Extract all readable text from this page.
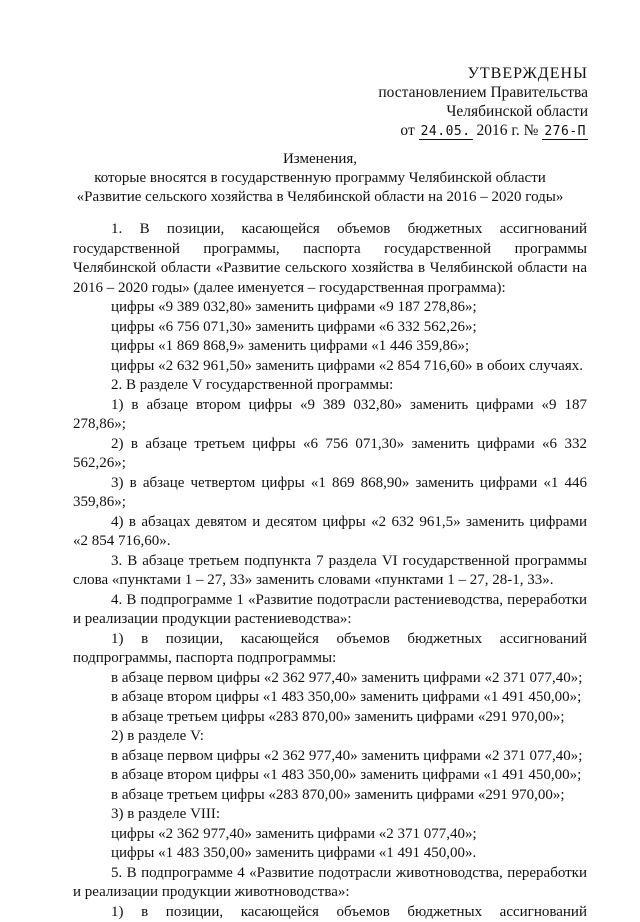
УТВЕРЖДЕНЫ
постановлением Правительства
Челябинской области
от 24.05. 2016 г. № 276-П
Изменения,
которые вносятся в государственную программу Челябинской области
«Развитие сельского хозяйства в Челябинской области на 2016 – 2020 годы»

1. В позиции, касающейся объемов бюджетных ассигнований государственной программы, паспорта государственной программы Челябинской области «Развитие сельского хозяйства в Челябинской области на 2016 – 2020 годы» (далее именуется – государственная программа):

цифры «9 389 032,80» заменить цифрами «9 187 278,86»;

цифры «6 756 071,30» заменить цифрами «6 332 562,26»;

цифры «1 869 868,9» заменить цифрами «1 446 359,86»;

цифры «2 632 961,50» заменить цифрами «2 854 716,60» в обоих случаях.

2. В разделе V государственной программы:

1) в абзаце втором цифры «9 389 032,80» заменить цифрами «9 187 278,86»;

2) в абзаце третьем цифры «6 756 071,30» заменить цифрами «6 332 562,26»;

3) в абзаце четвертом цифры «1 869 868,90» заменить цифрами «1 446 359,86»;

4) в абзацах девятом и десятом цифры «2 632 961,5» заменить цифрами «2 854 716,60».

3. В абзаце третьем подпункта 7 раздела VI государственной программы слова «пунктами 1 – 27, 33» заменить словами «пунктами 1 – 27, 28-1, 33».

4. В подпрограмме 1 «Развитие подотрасли растениеводства, переработки и реализации продукции растениеводства»:

1) в позиции, касающейся объемов бюджетных ассигнований подпрограммы, паспорта подпрограммы:

в абзаце первом цифры «2 362 977,40» заменить цифрами «2 371 077,40»;

в абзаце втором цифры «1 483 350,00» заменить цифрами «1 491 450,00»;

в абзаце третьем цифры «283 870,00» заменить цифрами «291 970,00»;

2) в разделе V:

в абзаце первом цифры «2 362 977,40» заменить цифрами «2 371 077,40»;

в абзаце втором цифры «1 483 350,00» заменить цифрами «1 491 450,00»;

в абзаце третьем цифры «283 870,00» заменить цифрами «291 970,00»;

3) в разделе VIII:

цифры «2 362 977,40» заменить цифрами «2 371 077,40»;

цифры «1 483 350,00» заменить цифрами «1 491 450,00».

5. В подпрограмме 4 «Развитие подотрасли животноводства, переработки и реализации продукции животноводства»:

1) в позиции, касающейся объемов бюджетных ассигнований
